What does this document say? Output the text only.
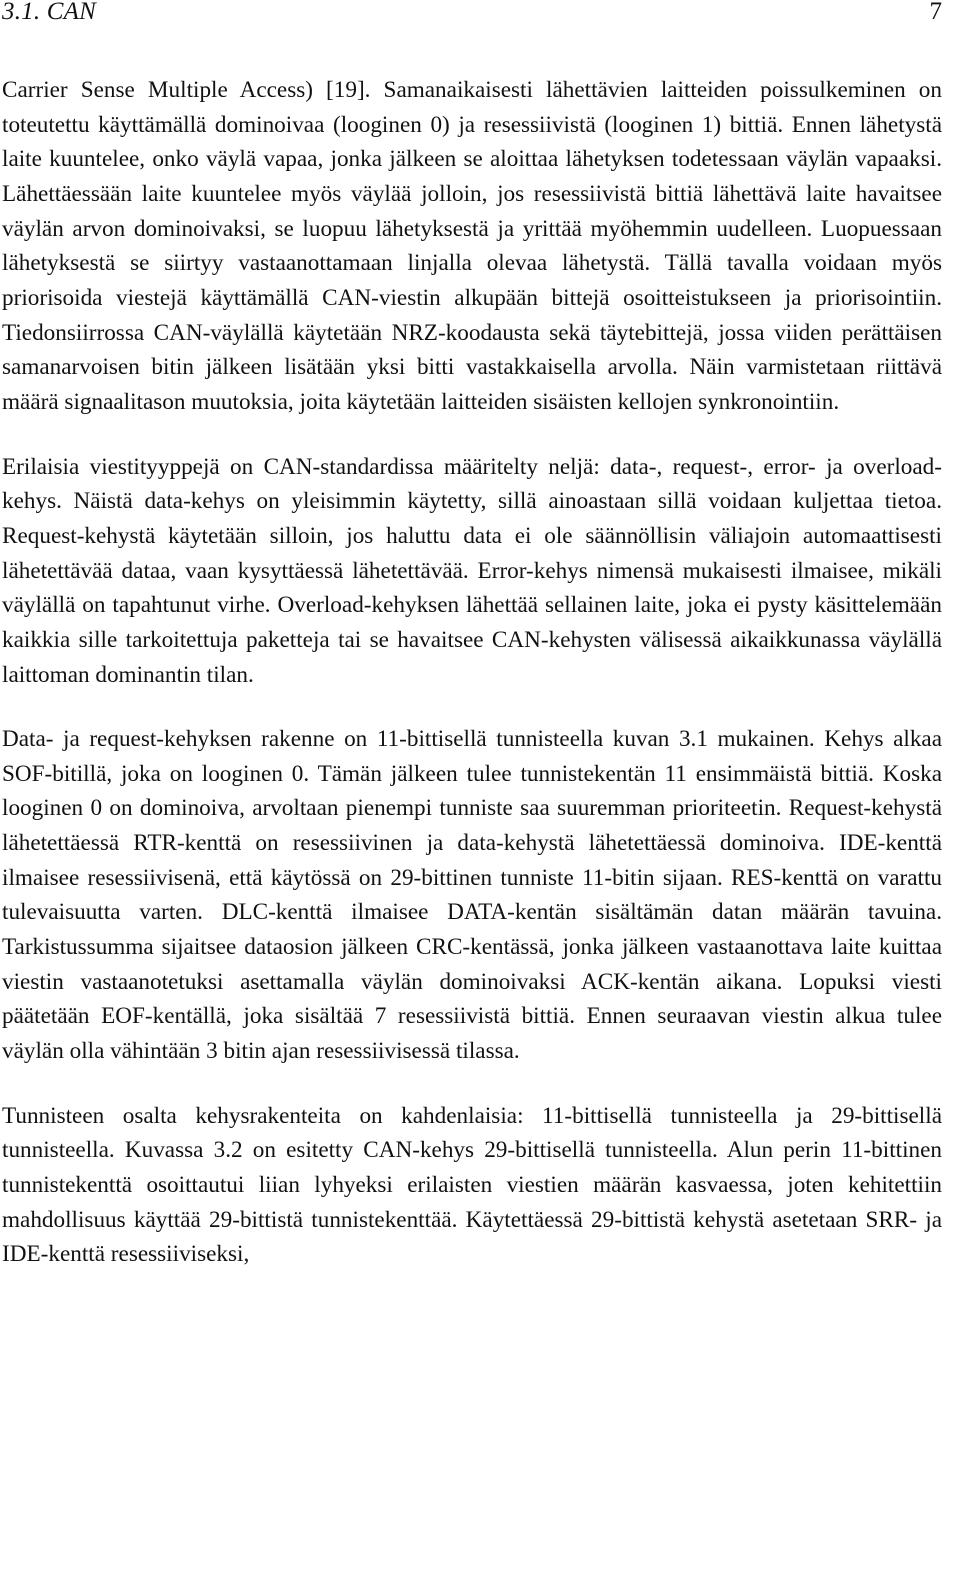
3.1. CAN	7

Carrier Sense Multiple Access) [19]. Samanaikaisesti lähettävien laitteiden poissulkeminen on toteutettu käyttämällä dominoivaa (looginen 0) ja resessiivistä (looginen 1) bittiä. Ennen lähetystä laite kuuntelee, onko väylä vapaa, jonka jälkeen se aloittaa lähetyksen todetessaan väylän vapaaksi. Lähettäessään laite kuuntelee myös väylää jolloin, jos resessiivistä bittiä lähettävä laite havaitsee väylän arvon dominoivaksi, se luopuu lähetyksestä ja yrittää myöhemmin uudelleen. Luopuessaan lähetyksestä se siirtyy vastaanottamaan linjalla olevaa lähetystä. Tällä tavalla voidaan myös priorisoida viestejä käyttämällä CAN-viestin alkupään bittejä osoitteistukseen ja priorisointiin. Tiedonsiirrossa CAN-väylällä käytetään NRZ-koodausta sekä täytebittejä, jossa viiden perättäisen samanarvoisen bitin jälkeen lisätään yksi bitti vastakkaisella arvolla. Näin varmistetaan riittävä määrä signaalitason muutoksia, joita käytetään laitteiden sisäisten kellojen synkronointiin.

Erilaisia viestityyppejä on CAN-standardissa määritelty neljä: data-, request-, error- ja overload-kehys. Näistä data-kehys on yleisimmin käytetty, sillä ainoastaan sillä voidaan kuljettaa tietoa. Request-kehystä käytetään silloin, jos haluttu data ei ole säännöllisin väliajoin automaattisesti lähetettävää dataa, vaan kysyttäessä lähetettävää. Error-kehys nimensä mukaisesti ilmaisee, mikäli väylällä on tapahtunut virhe. Overload-kehyksen lähettää sellainen laite, joka ei pysty käsittelemään kaikkia sille tarkoitettuja paketteja tai se havaitsee CAN-kehysten välisessä aikaikkunassa väylällä laittoman dominantin tilan.

Data- ja request-kehyksen rakenne on 11-bittisellä tunnisteella kuvan 3.1 mukainen. Kehys alkaa SOF-bitillä, joka on looginen 0. Tämän jälkeen tulee tunnistekentän 11 ensimmäistä bittiä. Koska looginen 0 on dominoiva, arvoltaan pienempi tunniste saa suuremman prioriteetin. Request-kehystä lähetettäessä RTR-kenttä on resessiivinen ja data-kehystä lähetettäessä dominoiva. IDE-kenttä ilmaisee resessiivisenä, että käytössä on 29-bittinen tunniste 11-bitin sijaan. RES-kenttä on varattu tulevaisuutta varten. DLC-kenttä ilmaisee DATA-kentän sisältämän datan määrän tavuina. Tarkistussumma sijaitsee dataosion jälkeen CRC-kentässä, jonka jälkeen vastaanottava laite kuittaa viestin vastaanotetuksi asettamalla väylän dominoivaksi ACK-kentän aikana. Lopuksi viesti päätetään EOF-kentällä, joka sisältää 7 resessiivistä bittiä. Ennen seuraavan viestin alkua tulee väylän olla vähintään 3 bitin ajan resessiivisessä tilassa.

Tunnisteen osalta kehysrakenteita on kahdenlaisia: 11-bittisellä tunnisteella ja 29-bittisellä tunnisteella. Kuvassa 3.2 on esitetty CAN-kehys 29-bittisellä tunnisteella. Alun perin 11-bittinen tunnistekenttä osoittautui liian lyhyeksi erilaisten viestien määrän kasvaessa, joten kehitettiin mahdollisuus käyttää 29-bittistä tunnistekenttää. Käytettäessä 29-bittistä kehystä asetetaan SRR- ja IDE-kenttä resessiiviseksi,
